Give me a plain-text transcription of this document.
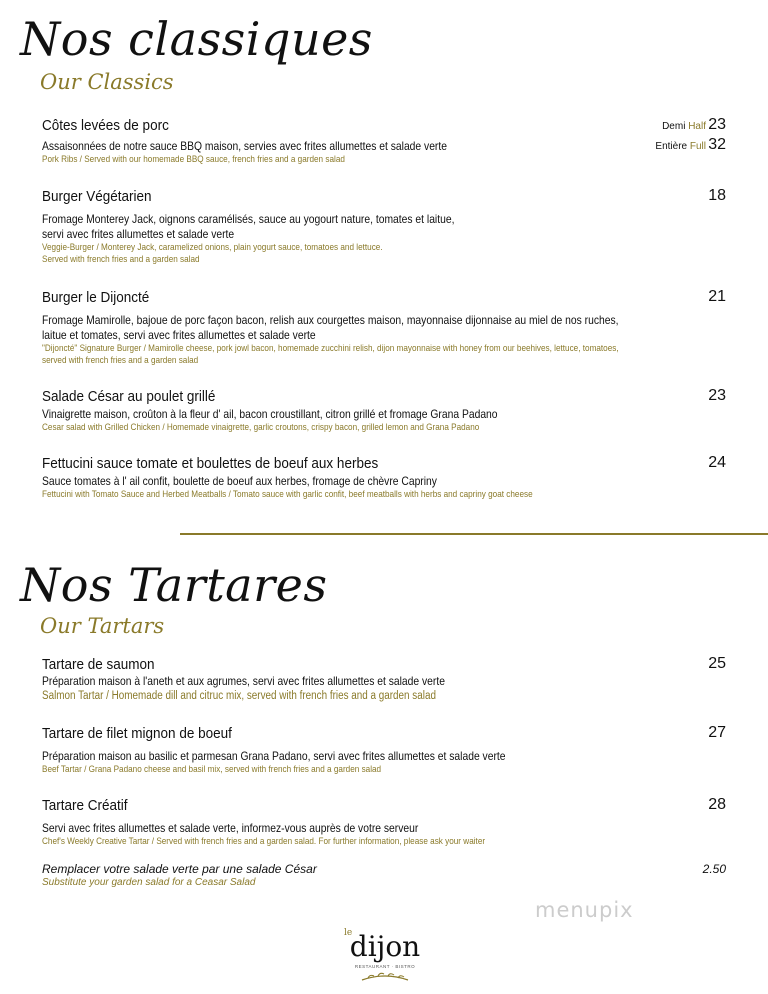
Nos classiques
Our Classics
Côtes levées de porc
Assaisonnées de notre sauce BBQ maison, servies avec frites allumettes et salade verte
Pork Ribs / Served with our homemade BBQ sauce, french fries and a garden salad
Demi Half 23
Entière Full 32
Burger Végétarien
Fromage Monterey Jack, oignons caramélisés, sauce au yogourt nature, tomates et laitue,
servi avec frites allumettes et salade verte
Veggie-Burger / Monterey Jack, caramelized onions, plain yogurt sauce, tomatoes and lettuce.
Served with french fries and a garden salad
18
Burger le Dijoncté
Fromage Mamirolle, bajoue de porc façon bacon, relish aux courgettes maison, mayonnaise dijonnaise au miel de nos ruches,
laitue et tomates, servi avec frites allumettes et salade verte
"Dijoncté" Signature Burger / Mamirolle cheese, pork jowl bacon, homemade zucchini relish, dijon mayonnaise with honey from our beehives, lettuce, tomatoes,
served with french fries and a garden salad
21
Salade César au poulet grillé
Vinaigrette maison, croûton à la fleur d' ail, bacon croustillant, citron grillé et fromage Grana Padano
Cesar salad with Grilled Chicken / Homemade vinaigrette, garlic croutons, crispy bacon, grilled lemon and Grana Padano
23
Fettucini sauce tomate et boulettes de boeuf aux herbes
Sauce tomates à l' ail confit, boulette de boeuf aux herbes, fromage de chèvre Capriny
Fettucini with Tomato Sauce and Herbed Meatballs / Tomato sauce with garlic confit, beef meatballs with herbs and capriny goat cheese
24
Nos Tartares
Our Tartars
Tartare de saumon
Préparation maison à l'aneth et aux agrumes, servi avec frites allumettes et salade verte
Salmon Tartar / Homemade dill and citruc mix, served with french fries and a garden salad
25
Tartare de filet mignon de boeuf
Préparation maison au basilic et parmesan Grana Padano, servi avec frites allumettes et salade verte
Beef Tartar / Grana Padano cheese and basil mix, served with french fries and a garden salad
27
Tartare Créatif
Servi avec frites allumettes et salade verte, informez-vous auprès de votre serveur
Chef's Weekly Creative Tartar / Served with french fries and a garden salad. For further information, please ask your waiter
28
Remplacer votre salade verte par une salade César
Substitute your garden salad for a Ceasar Salad
2.50
menupix
le
dijon
RESTAURANT · BISTRO
